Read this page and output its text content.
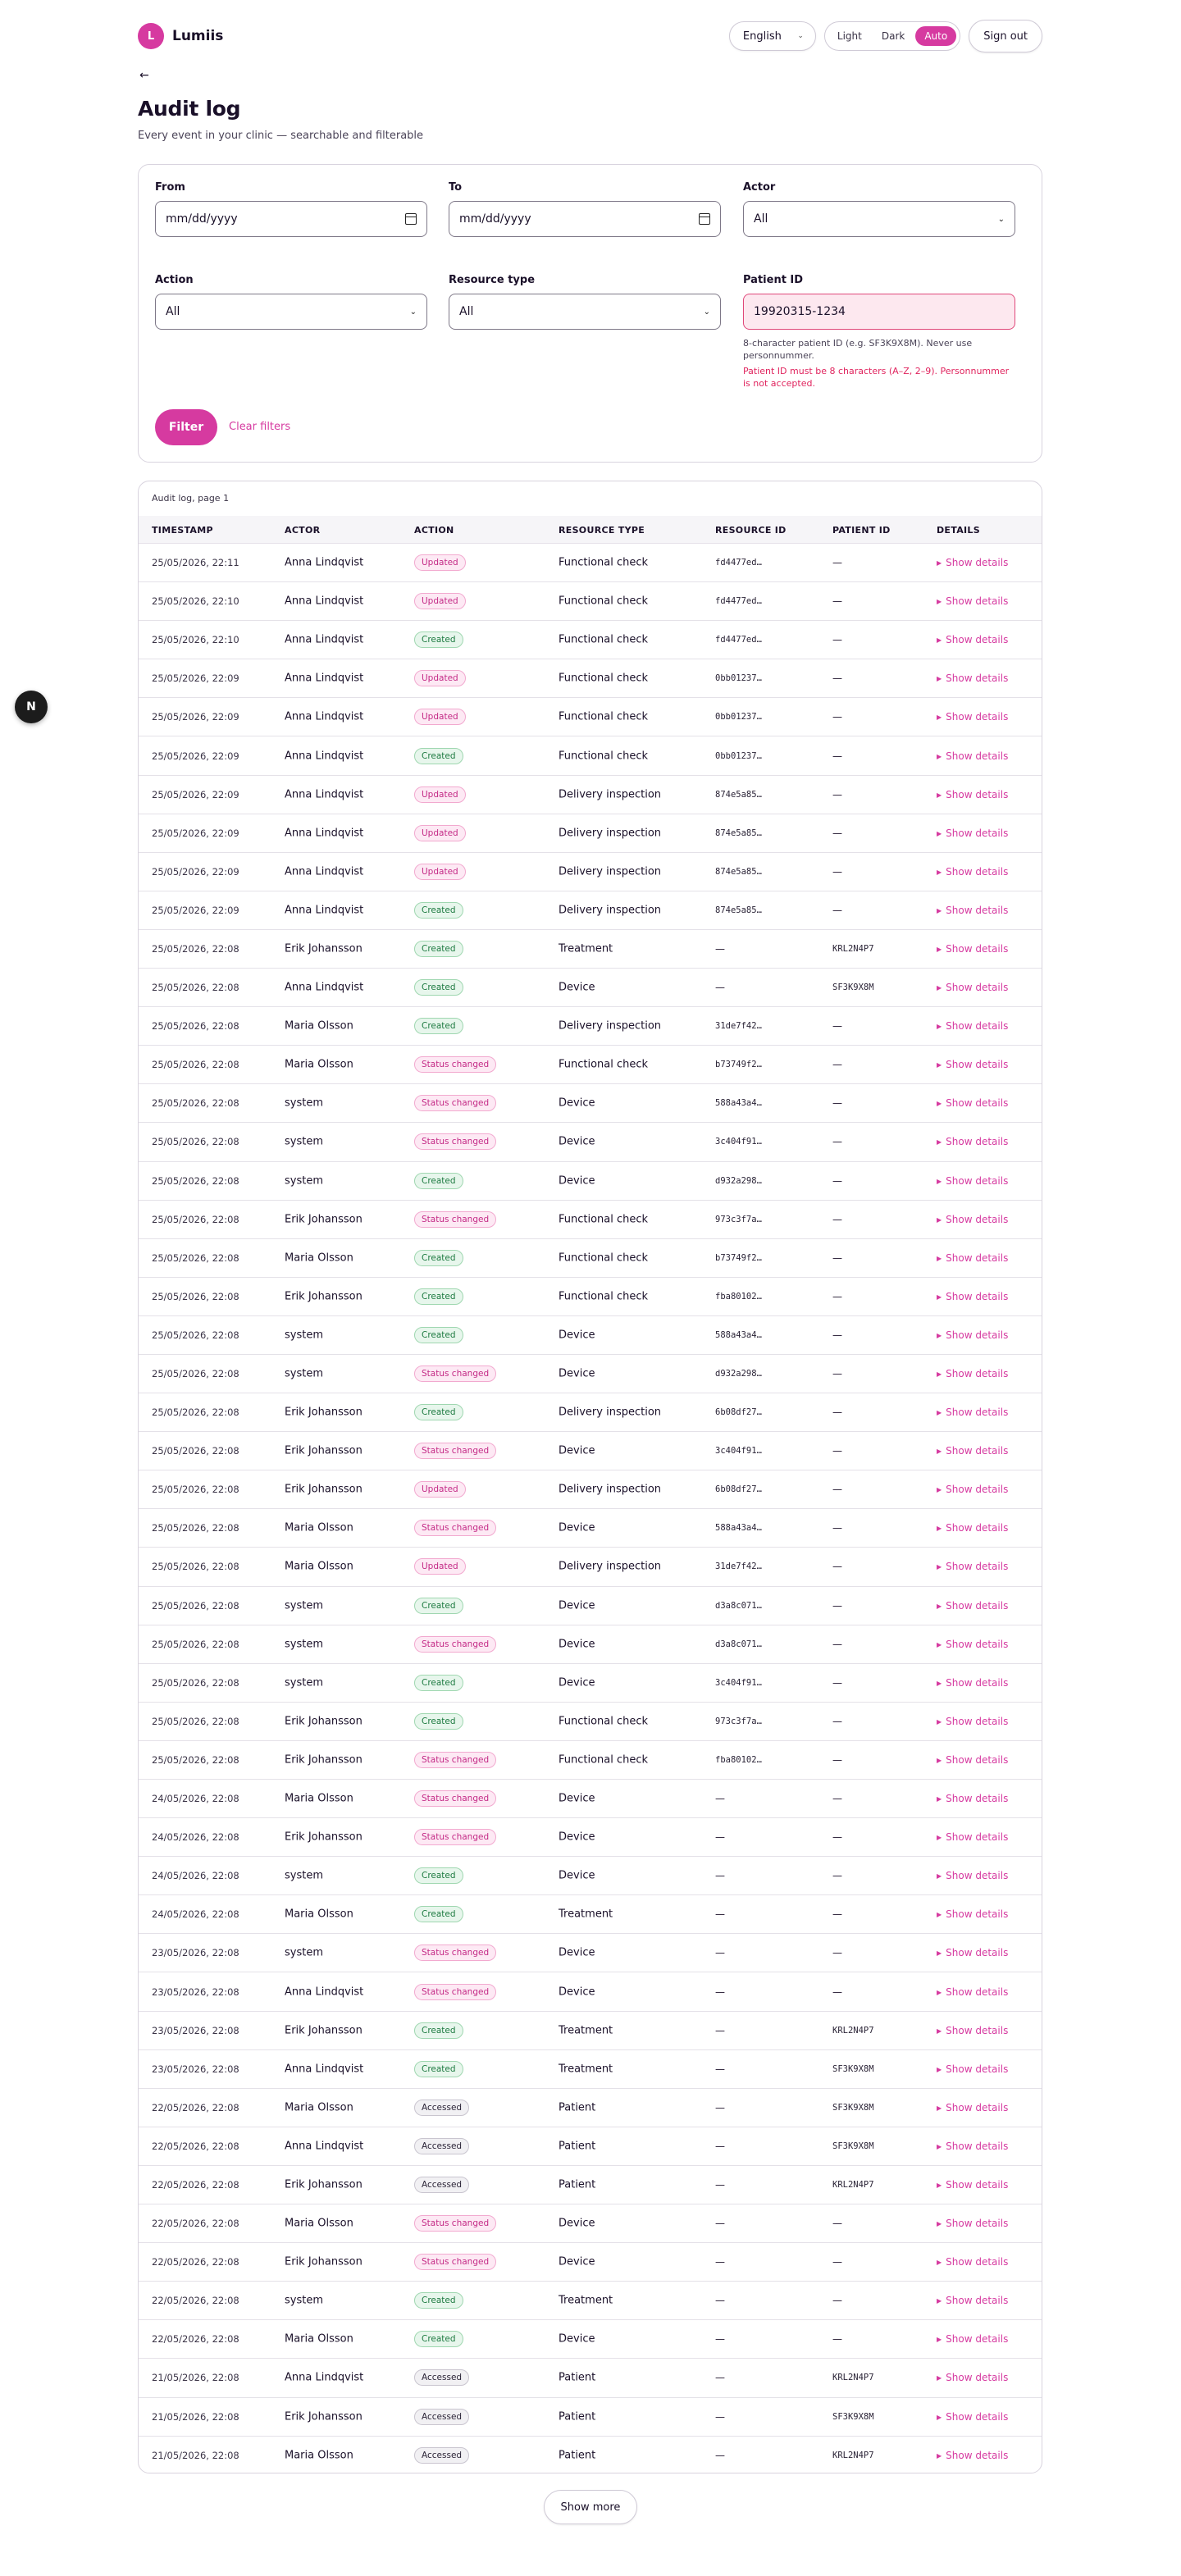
L	Lumiis	English ⌄	Light	Dark	Auto	Sign out
←
Audit log
Every event in your clinic — searchable and filterable
From
mm/dd/yyyy
To
mm/dd/yyyy
Actor
All	⌄
Action
All	⌄
Resource type
All	⌄
Patient ID
19920315-1234
8-character patient ID (e.g. SF3K9X8M). Never use personnummer.
Patient ID must be 8 characters (A–Z, 2–9). Personnummer is not accepted.
Filter	Clear filters
Audit log, page 1
TIMESTAMP	ACTOR	ACTION	RESOURCE TYPE	RESOURCE ID	PATIENT ID	DETAILS
25/05/2026, 22:11	Anna Lindqvist	Updated	Functional check	fd4477ed…	—	▶ Show details
25/05/2026, 22:10	Anna Lindqvist	Updated	Functional check	fd4477ed…	—	▶ Show details
25/05/2026, 22:10	Anna Lindqvist	Created	Functional check	fd4477ed…	—	▶ Show details
25/05/2026, 22:09	Anna Lindqvist	Updated	Functional check	0bb01237…	—	▶ Show details
25/05/2026, 22:09	Anna Lindqvist	Updated	Functional check	0bb01237…	—	▶ Show details
25/05/2026, 22:09	Anna Lindqvist	Created	Functional check	0bb01237…	—	▶ Show details
25/05/2026, 22:09	Anna Lindqvist	Updated	Delivery inspection	874e5a85…	—	▶ Show details
25/05/2026, 22:09	Anna Lindqvist	Updated	Delivery inspection	874e5a85…	—	▶ Show details
25/05/2026, 22:09	Anna Lindqvist	Updated	Delivery inspection	874e5a85…	—	▶ Show details
25/05/2026, 22:09	Anna Lindqvist	Created	Delivery inspection	874e5a85…	—	▶ Show details
25/05/2026, 22:08	Erik Johansson	Created	Treatment	—	KRL2N4P7	▶ Show details
25/05/2026, 22:08	Anna Lindqvist	Created	Device	—	SF3K9X8M	▶ Show details
25/05/2026, 22:08	Maria Olsson	Created	Delivery inspection	31de7f42…	—	▶ Show details
25/05/2026, 22:08	Maria Olsson	Status changed	Functional check	b73749f2…	—	▶ Show details
25/05/2026, 22:08	system	Status changed	Device	588a43a4…	—	▶ Show details
25/05/2026, 22:08	system	Status changed	Device	3c404f91…	—	▶ Show details
25/05/2026, 22:08	system	Created	Device	d932a298…	—	▶ Show details
25/05/2026, 22:08	Erik Johansson	Status changed	Functional check	973c3f7a…	—	▶ Show details
25/05/2026, 22:08	Maria Olsson	Created	Functional check	b73749f2…	—	▶ Show details
25/05/2026, 22:08	Erik Johansson	Created	Functional check	fba80102…	—	▶ Show details
25/05/2026, 22:08	system	Created	Device	588a43a4…	—	▶ Show details
25/05/2026, 22:08	system	Status changed	Device	d932a298…	—	▶ Show details
25/05/2026, 22:08	Erik Johansson	Created	Delivery inspection	6b08df27…	—	▶ Show details
25/05/2026, 22:08	Erik Johansson	Status changed	Device	3c404f91…	—	▶ Show details
25/05/2026, 22:08	Erik Johansson	Updated	Delivery inspection	6b08df27…	—	▶ Show details
25/05/2026, 22:08	Maria Olsson	Status changed	Device	588a43a4…	—	▶ Show details
25/05/2026, 22:08	Maria Olsson	Updated	Delivery inspection	31de7f42…	—	▶ Show details
25/05/2026, 22:08	system	Created	Device	d3a8c071…	—	▶ Show details
25/05/2026, 22:08	system	Status changed	Device	d3a8c071…	—	▶ Show details
25/05/2026, 22:08	system	Created	Device	3c404f91…	—	▶ Show details
25/05/2026, 22:08	Erik Johansson	Created	Functional check	973c3f7a…	—	▶ Show details
25/05/2026, 22:08	Erik Johansson	Status changed	Functional check	fba80102…	—	▶ Show details
24/05/2026, 22:08	Maria Olsson	Status changed	Device	—	—	▶ Show details
24/05/2026, 22:08	Erik Johansson	Status changed	Device	—	—	▶ Show details
24/05/2026, 22:08	system	Created	Device	—	—	▶ Show details
24/05/2026, 22:08	Maria Olsson	Created	Treatment	—	—	▶ Show details
23/05/2026, 22:08	system	Status changed	Device	—	—	▶ Show details
23/05/2026, 22:08	Anna Lindqvist	Status changed	Device	—	—	▶ Show details
23/05/2026, 22:08	Erik Johansson	Created	Treatment	—	KRL2N4P7	▶ Show details
23/05/2026, 22:08	Anna Lindqvist	Created	Treatment	—	SF3K9X8M	▶ Show details
22/05/2026, 22:08	Maria Olsson	Accessed	Patient	—	SF3K9X8M	▶ Show details
22/05/2026, 22:08	Anna Lindqvist	Accessed	Patient	—	SF3K9X8M	▶ Show details
22/05/2026, 22:08	Erik Johansson	Accessed	Patient	—	KRL2N4P7	▶ Show details
22/05/2026, 22:08	Maria Olsson	Status changed	Device	—	—	▶ Show details
22/05/2026, 22:08	Erik Johansson	Status changed	Device	—	—	▶ Show details
22/05/2026, 22:08	system	Created	Treatment	—	—	▶ Show details
22/05/2026, 22:08	Maria Olsson	Created	Device	—	—	▶ Show details
21/05/2026, 22:08	Anna Lindqvist	Accessed	Patient	—	KRL2N4P7	▶ Show details
21/05/2026, 22:08	Erik Johansson	Accessed	Patient	—	SF3K9X8M	▶ Show details
21/05/2026, 22:08	Maria Olsson	Accessed	Patient	—	KRL2N4P7	▶ Show details
Show more
N
